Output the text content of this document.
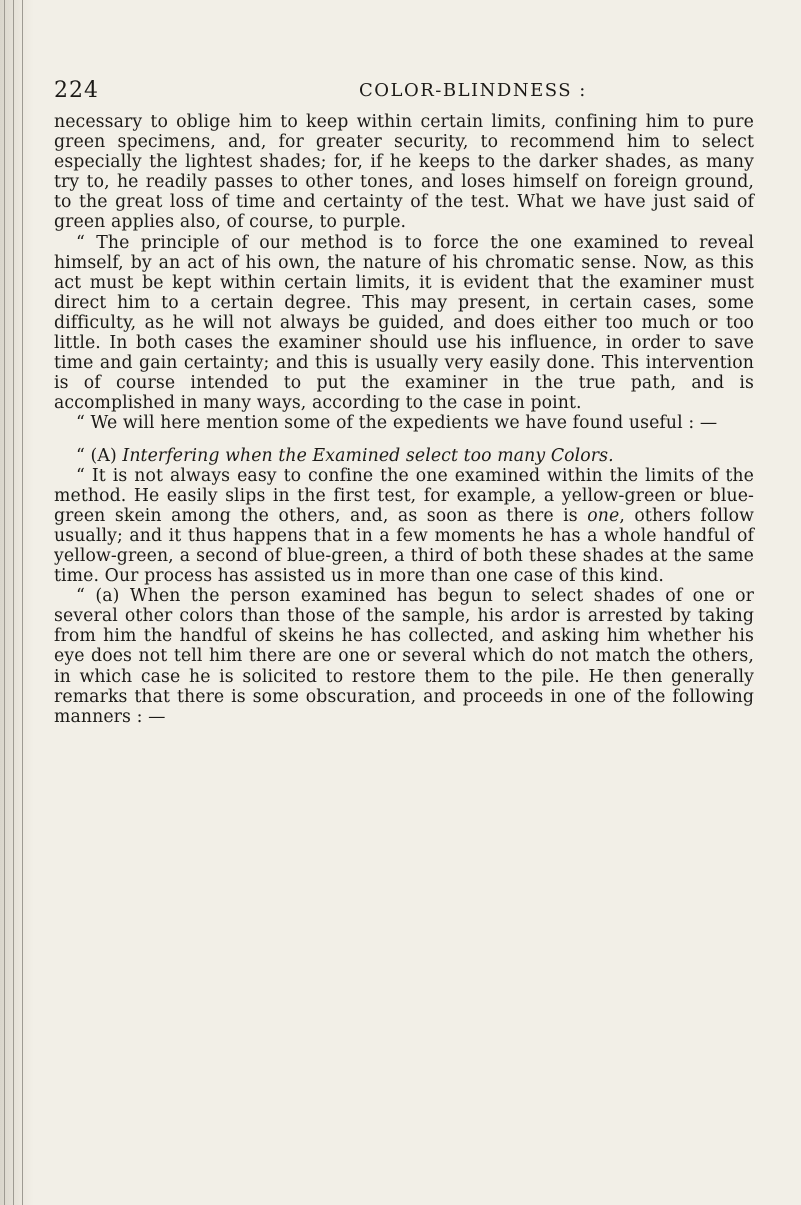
224	COLOR-BLINDNESS :

necessary to oblige him to keep within certain limits, confining him to pure green specimens, and, for greater security, to recommend him to select especially the lightest shades; for, if he keeps to the darker shades, as many try to, he readily passes to other tones, and loses himself on foreign ground, to the great loss of time and certainty of the test. What we have just said of green applies also, of course, to purple.

“ The principle of our method is to force the one examined to reveal himself, by an act of his own, the nature of his chromatic sense. Now, as this act must be kept within certain limits, it is evident that the examiner must direct him to a certain degree. This may present, in certain cases, some difficulty, as he will not always be guided, and does either too much or too little. In both cases the examiner should use his influence, in order to save time and gain certainty; and this is usually very easily done. This intervention is of course intended to put the examiner in the true path, and is accomplished in many ways, according to the case in point.

“ We will here mention some of the expedients we have found useful : —

“ (A) Interfering when the Examined select too many Colors.

“ It is not always easy to confine the one examined within the limits of the method. He easily slips in the first test, for example, a yellow-green or blue-green skein among the others, and, as soon as there is one, others follow usually; and it thus happens that in a few moments he has a whole handful of yellow-green, a second of blue-green, a third of both these shades at the same time. Our process has assisted us in more than one case of this kind.

“ (a) When the person examined has begun to select shades of one or several other colors than those of the sample, his ardor is arrested by taking from him the handful of skeins he has collected, and asking him whether his eye does not tell him there are one or several which do not match the others, in which case he is solicited to restore them to the pile. He then generally remarks that there is some obscuration, and proceeds in one of the following manners : —
